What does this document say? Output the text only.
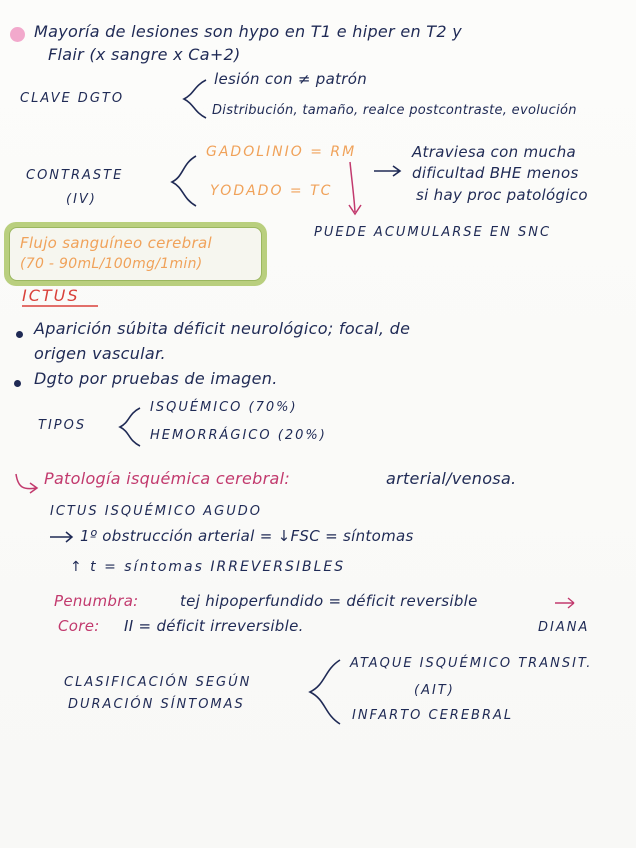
Mayoría de lesiones son hypo en T1 e hiper en T2 y
Flair (x sangre x Ca+2)
CLAVE DGTO
lesión con ≠ patrón
Distribución, tamaño, realce postcontraste, evolución
CONTRASTE
(IV)
GADOLINIO = RM
YODADO = TC
Atraviesa con mucha
dificultad BHE menos
si hay proc patológico
PUEDE ACUMULARSE EN SNC
Flujo sanguíneo cerebral
(70 - 90mL/100mg/1min)
ICTUS
Aparición súbita déficit neurológico; focal, de
origen vascular.
Dgto por pruebas de imagen.
TIPOS
ISQUÉMICO (70%)
HEMORRÁGICO (20%)
Patología isquémica cerebral:	arterial/venosa.
ICTUS ISQUÉMICO AGUDO
1º obstrucción arterial = ↓FSC = síntomas
↑ t = síntomas IRREVERSIBLES
Penumbra:	tej hipoperfundido = déficit reversible
Core: II = déficit irreversible.	DIANA
CLASIFICACIÓN SEGÚN
DURACIÓN SÍNTOMAS
ATAQUE ISQUÉMICO TRANSIT.
(AIT)
INFARTO CEREBRAL
